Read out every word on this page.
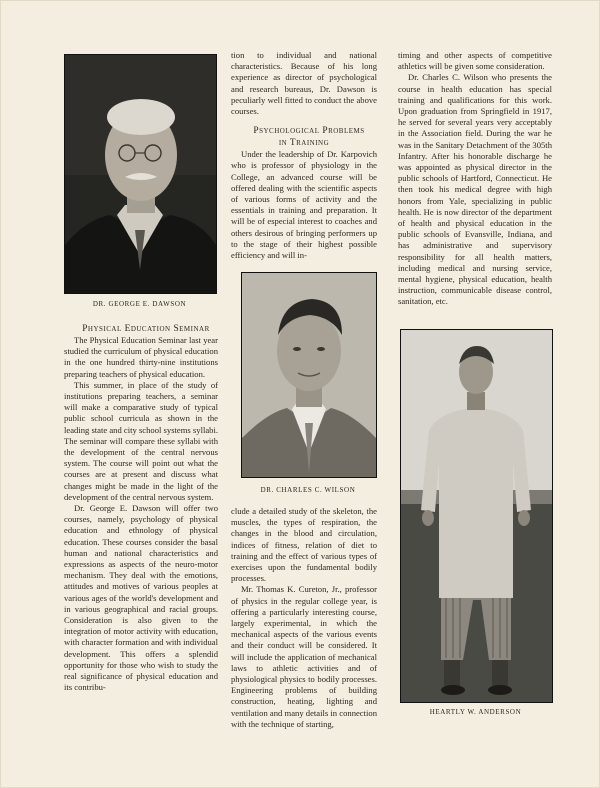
DR. GEORGE E. DAWSON

Physical Education Seminar

The Physical Education Seminar last year studied the curriculum of physical education in the one hundred thirty-nine institutions preparing teachers of physical education.

This summer, in place of the study of institutions preparing teachers, a seminar will make a comparative study of typical public school curricula as shown in the leading state and city school systems syllabi. The seminar will compare these syllabi with the development of the central nervous system. The course will point out what the courses are at present and discuss what changes might be made in the light of the development of the central nervous system.

Dr. George E. Dawson will offer two courses, namely, psychology of physical education and ethnology of physical education. These courses consider the basal human and national characteristics and expressions as aspects of the neuro-motor mechanism. They deal with the emotions, attitudes and motives of various peoples at various ages of the world's development and in various geographical and racial groups. Consideration is also given to the integration of motor activity with education, with character formation and with individual development. This offers a splendid opportunity for those who wish to study the real significance of physical education and its contribu-

tion to individual and national characteristics. Because of his long experience as director of psychological and research bureaus, Dr. Dawson is peculiarly well fitted to conduct the above courses.

Psychological Problems in Training

Under the leadership of Dr. Karpovich who is professor of physiology in the College, an advanced course will be offered dealing with the scientific aspects of various forms of activity and the essentials in training and preparation. It will be of especial interest to coaches and others desirous of bringing performers up to the stage of their highest possible efficiency and will in-

DR. CHARLES C. WILSON

clude a detailed study of the skeleton, the muscles, the types of respiration, the changes in the blood and circulation, indices of fitness, relation of diet to training and the effect of various types of exercises upon the fundamental bodily processes.

Mr. Thomas K. Cureton, Jr., professor of physics in the regular college year, is offering a particularly interesting course, largely experimental, in which the mechanical aspects of the various events and their conduct will be considered. It will include the application of mechanical laws to athletic activities and of physiological physics to bodily processes. Engineering problems of building construction, heating, lighting and ventilation and many details in connection with the technique of starting,

timing and other aspects of competitive athletics will be given some consideration.

Dr. Charles C. Wilson who presents the course in health education has special training and qualifications for this work. Upon graduation from Springfield in 1917, he served for several years very acceptably in the Association field. During the war he was in the Sanitary Detachment of the 305th Infantry. After his honorable discharge he was appointed as physical director in the public schools of Hartford, Connecticut. He then took his medical degree with high honors from Yale, specializing in public health. He is now director of the department of health and physical education in the public schools of Evansville, Indiana, and has administrative and supervisory responsibility for all health matters, including medical and nursing service, mental hygiene, physical education, health instruction, communicable disease control, sanitation, etc.

HEARTLY W. ANDERSON
